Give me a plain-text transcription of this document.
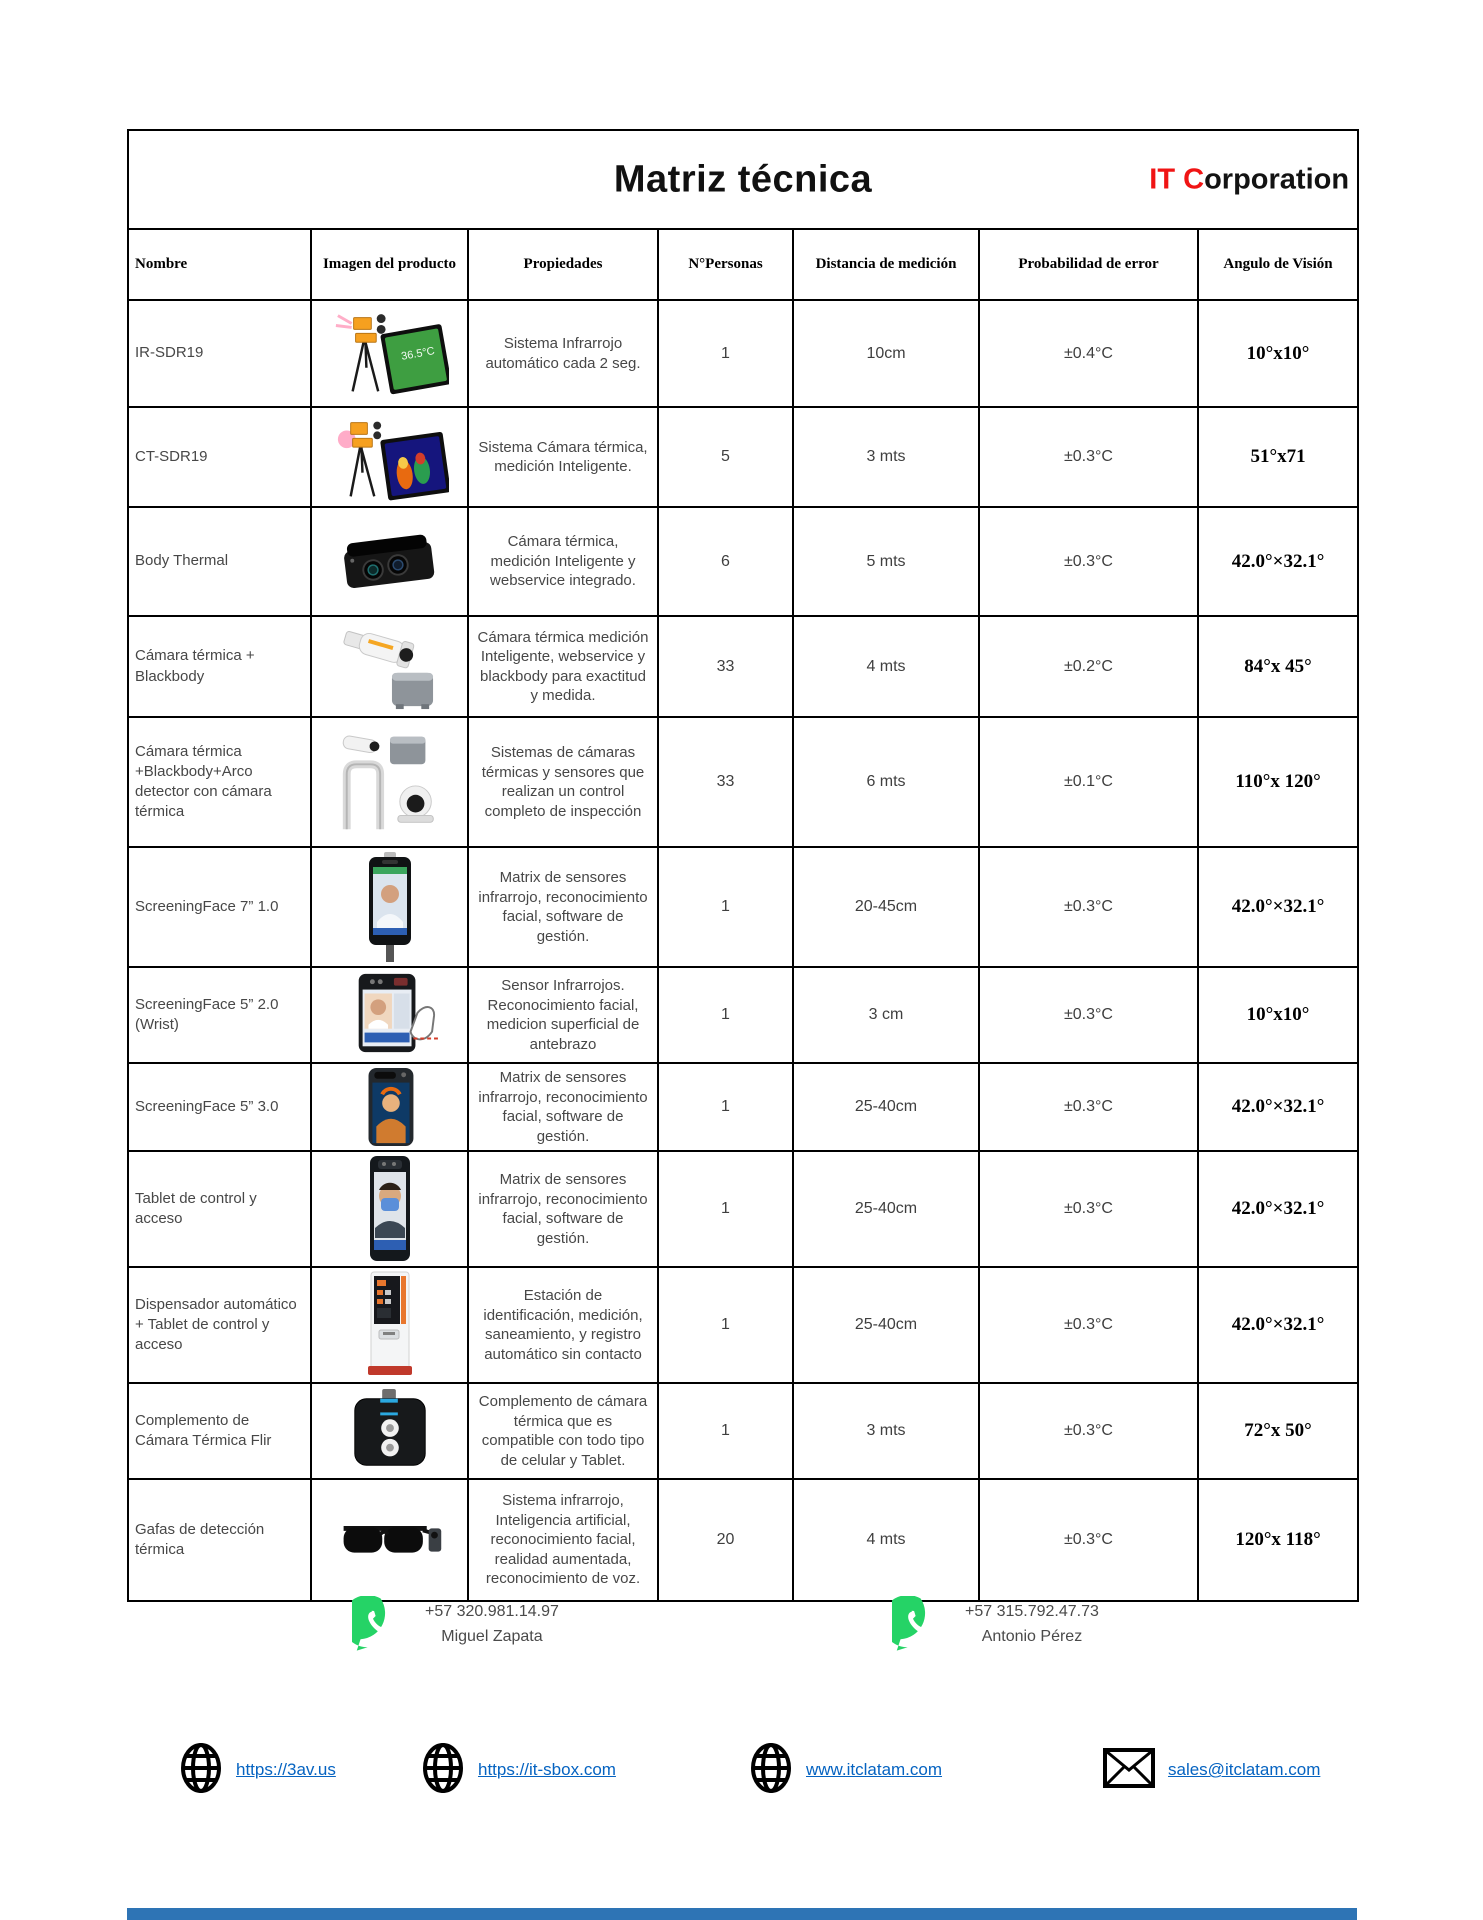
Matriz técnica IT Corporation						

Nombre	Imagen del producto	Propiedades	N°Personas	Distancia de medición	Probabilidad de error	Angulo de Visión
IR-SDR19	36.5°C	Sistema Infrarrojo automático cada 2 seg.	1	10cm	±0.4°C	10°x10°
CT-SDR19		Sistema Cámara térmica, medición Inteligente.	5	3 mts	±0.3°C	51°x71
Body Thermal		Cámara térmica, medición Inteligente y webservice integrado.	6	5 mts	±0.3°C	42.0°×32.1°
Cámara térmica + Blackbody		Cámara térmica medición Inteligente, webservice y blackbody para exactitud y medida.	33	4 mts	±0.2°C	84°x 45°
Cámara térmica +Blackbody+Arco detector con cámara térmica		Sistemas de cámaras térmicas y sensores que realizan un control completo de inspección	33	6 mts	±0.1°C	110°x 120°
ScreeningFace 7” 1.0		Matrix de sensores infrarrojo, reconocimiento facial, software de gestión.	1	20-45cm	±0.3°C	42.0°×32.1°
ScreeningFace 5” 2.0 (Wrist)		Sensor Infrarrojos. Reconocimiento facial, medicion superficial de antebrazo	1	3 cm	±0.3°C	10°x10°
ScreeningFace 5” 3.0		Matrix de sensores infrarrojo, reconocimiento facial, software de gestión.	1	25-40cm	±0.3°C	42.0°×32.1°
Tablet de control y acceso		Matrix de sensores infrarrojo, reconocimiento facial, software de gestión.	1	25-40cm	±0.3°C	42.0°×32.1°
Dispensador automático + Tablet de control y acceso		Estación de identificación, medición, saneamiento, y registro automático sin contacto	1	25-40cm	±0.3°C	42.0°×32.1°
Complemento de Cámara Térmica Flir		Complemento de cámara térmica que es compatible con todo tipo de celular y Tablet.	1	3 mts	±0.3°C	72°x 50°
Gafas de detección térmica		Sistema infrarrojo, Inteligencia artificial, reconocimiento facial, realidad aumentada, reconocimiento de voz.	20	4 mts	±0.3°C	120°x 118°
+57 320.981.14.97
Miguel Zapata
+57 315.792.47.73
Antonio Pérez
https://3av.us	https://it-sbox.com	www.itclatam.com	sales@itclatam.com
